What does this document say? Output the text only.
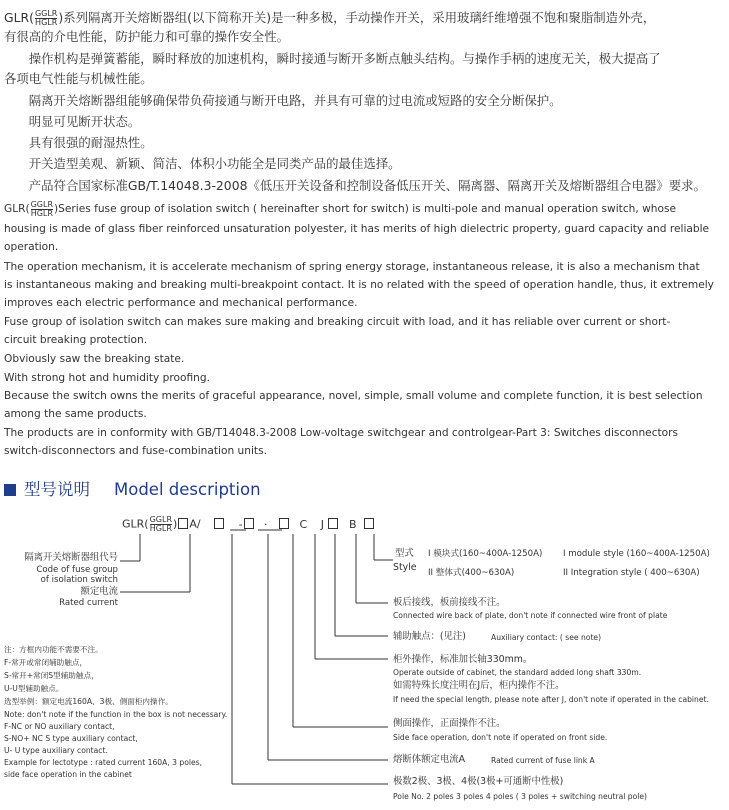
GLR(GGLR
HGLR )系列隔离开关熔断器组(以下简称开关)是一种多极，手动操作开关，采用玻璃纤维增强不饱和聚脂制造外壳，
有很高的介电性能，防护能力和可靠的操作安全性。
　　操作机构是弹簧蓄能，瞬时释放的加速机构，瞬时接通与断开多断点触头结构。与操作手柄的速度无关，极大提高了
各项电气性能与机械性能。
　　隔离开关熔断器组能够确保带负荷接通与断开电路，并具有可靠的过电流或短路的安全分断保护。
　　明显可见断开状态。
　　具有很强的耐湿热性。
　　开关造型美观、新颖、简洁、体积小功能全是同类产品的最佳选择。
　　产品符合国家标准GB/T.14048.3-2008《低压开关设备和控制设备低压开关、隔离器、隔离开关及熔断器组合电器》要求。
GLR(GGLR
HGLR )Series fuse group of isolation switch ( hereinafter short for switch) is multi-pole and manual operation switch, whose
housing is made of glass fiber reinforced unsaturation polyester, it has merits of high dielectric property, guard capacity and reliable
operation.
The operation mechanism, it is accelerate mechanism of spring energy storage, instantaneous release, it is also a mechanism that
is instantaneous making and breaking multi-breakpoint contact. It is no related with the speed of operation handle, thus, it extremely
improves each electric performance and mechanical performance.
Fuse group of isolation switch can makes sure making and breaking circuit with load, and it has reliable over current or short-
circuit breaking protection.
Obviously saw the breaking state.
With strong hot and humidity proofing.
Because the switch owns the merits of graceful appearance, novel, simple, small volume and complete function, it is best selection
among the same products.
The products are in conformity with GB/T14048.3-2008 Low-voltage switchgear and controlgear-Part 3: Switches disconnectors
switch-disconnectors and fuse-combination units.
型号说明 Model description
GLR(GGLR
HGLR ) A/	- ·	C J B
隔离开关熔断器组代号
Code of fuse group
of isolation switch
额定电流
Rated current
注：方框内功能不需要不注。
F-常开或常闭辅助触点，
S-常开+常闭S型辅助触点，
U-U型辅助触点。
选型举例：额定电流160A、3极、侧面柜内操作。
Note: don't note if the function in the box is not necessary.
F-NC or NO auxiliary contact,
S-NO+ NC S type auxiliary contact,
U- U type auxiliary contact.
Example for lectotype : rated current 160A, 3 poles,
side face operation in the cabinet
型式
Style
I 模块式(160~400A-1250A) I module style (160~400A-1250A)
II 整体式(400~630A)	II Integration style ( 400~630A)
板后接线，板前接线不注。
Connected wire back of plate, don't note if connected wire front of plate
辅助触点：(见注)	Auxiliary contact: ( see note)
柜外操作，标准加长轴330mm。
Operate outside of cabinet, the standard added long shaft 330m.
如需特殊长度注明在J后，柜内操作不注。
If need the special length, please note after J, don't note if operated in the cabinet.
侧面操作，正面操作不注。
Side face operation, don't note if operated on front side.
熔断体额定电流A	Rated current of fuse link A
极数2极、3极、4极(3极+可通断中性极)
Pole No. 2 poles 3 poles 4 poles ( 3 poles + switching neutral pole)
